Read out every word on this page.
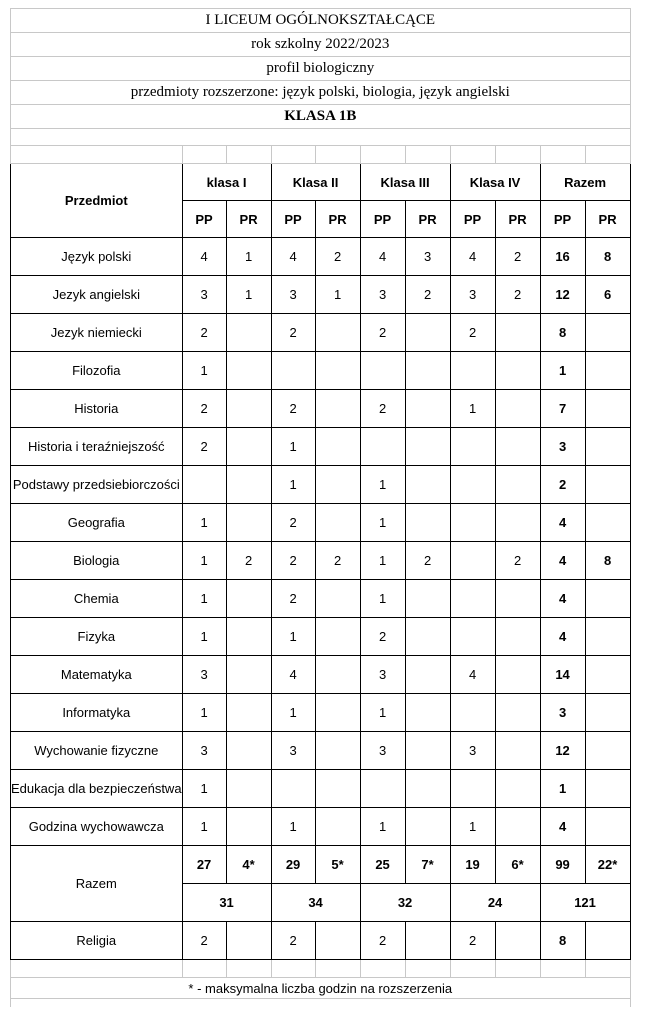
I LICEUM OGÓLNOKSZTAŁCĄCE										
rok szkolny 2022/2023										
profil biologiczny										
przedmioty rozszerzone: język polski, biologia, język angielski										
KLASA 1B										

Przedmiot	klasa I		Klasa II		Klasa III		Klasa IV		Razem	
	PP	PR	PP	PR	PP	PR	PP	PR	PP	PR
Język polski	4	1	4	2	4	3	4	2	16	8
Jezyk angielski	3	1	3	1	3	2	3	2	12	6
Jezyk niemiecki	2		2		2		2		8	
Filozofia	1								1	
Historia	2		2		2		1		7	
Historia i teraźniejszość	2		1						3	
Podstawy przedsiebiorczości			1		1				2	
Geografia	1		2		1				4	
Biologia	1	2	2	2	1	2		2	4	8
Chemia	1		2		1				4	
Fizyka	1		1		2				4	
Matematyka	3		4		3		4		14	
Informatyka	1		1		1				3	
Wychowanie fizyczne	3		3		3		3		12	
Edukacja dla bezpieczeństwa	1								1	
Godzina wychowawcza	1		1		1		1		4	
Razem	27	4*	29	5*	25	7*	19	6*	99	22*
	31		34		32		24		121	
Religia	2		2		2		2		8	

* - maksymalna liczba godzin na rozszerzenia										
